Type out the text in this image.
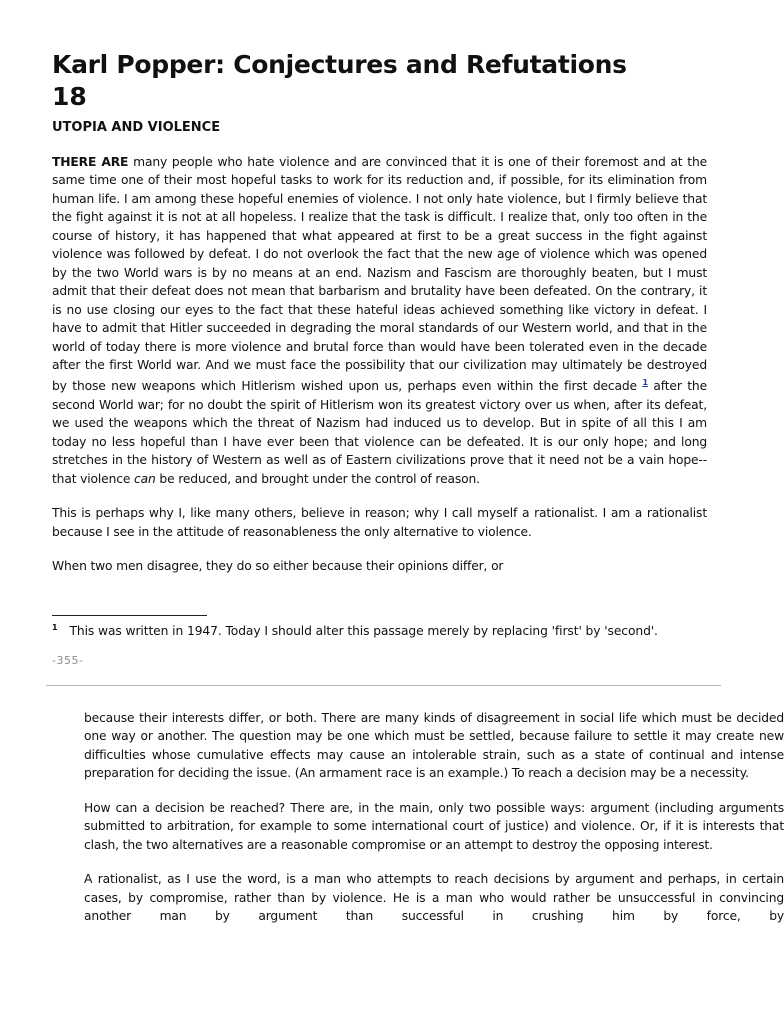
Karl Popper: Conjectures and Refutations
18
UTOPIA AND VIOLENCE

THERE ARE many people who hate violence and are convinced that it is one of their foremost and at the same time one of their most hopeful tasks to work for its reduction and, if possible, for its elimination from human life. I am among these hopeful enemies of violence. I not only hate violence, but I firmly believe that the fight against it is not at all hopeless. I realize that the task is difficult. I realize that, only too often in the course of history, it has happened that what appeared at first to be a great success in the fight against violence was followed by defeat. I do not overlook the fact that the new age of violence which was opened by the two World wars is by no means at an end. Nazism and Fascism are thoroughly beaten, but I must admit that their defeat does not mean that barbarism and brutality have been defeated. On the contrary, it is no use closing our eyes to the fact that these hateful ideas achieved something like victory in defeat. I have to admit that Hitler succeeded in degrading the moral standards of our Western world, and that in the world of today there is more violence and brutal force than would have been tolerated even in the decade after the first World war. And we must face the possibility that our civilization may ultimately be destroyed by those new weapons which Hitlerism wished upon us, perhaps even within the first decade $^1$ after the second World war; for no doubt the spirit of Hitlerism won its greatest victory over us when, after its defeat, we used the weapons which the threat of Nazism had induced us to develop. But in spite of all this I am today no less hopeful than I have ever been that violence can be defeated. It is our only hope; and long stretches in the history of Western as well as of Eastern civilizations prove that it need not be a vain hope--that violence can be reduced, and brought under the control of reason.

This is perhaps why I, like many others, believe in reason; why I call myself a rationalist. I am a rationalist because I see in the attitude of reasonableness the only alternative to violence.

When two men disagree, they do so either because their opinions differ, or

$^1$ This was written in 1947. Today I should alter this passage merely by replacing 'first' by 'second'.
-355-

because their interests differ, or both. There are many kinds of disagreement in social life which must be decided one way or another. The question may be one which must be settled, because failure to settle it may create new difficulties whose cumulative effects may cause an intolerable strain, such as a state of continual and intense preparation for deciding the issue. (An armament race is an example.) To reach a decision may be a necessity.

How can a decision be reached? There are, in the main, only two possible ways: argument (including arguments submitted to arbitration, for example to some international court of justice) and violence. Or, if it is interests that clash, the two alternatives are a reasonable compromise or an attempt to destroy the opposing interest.

A rationalist, as I use the word, is a man who attempts to reach decisions by argument and perhaps, in certain cases, by compromise, rather than by violence. He is a man who would rather be unsuccessful in convincing another man by argument than successful in crushing him by force, by
